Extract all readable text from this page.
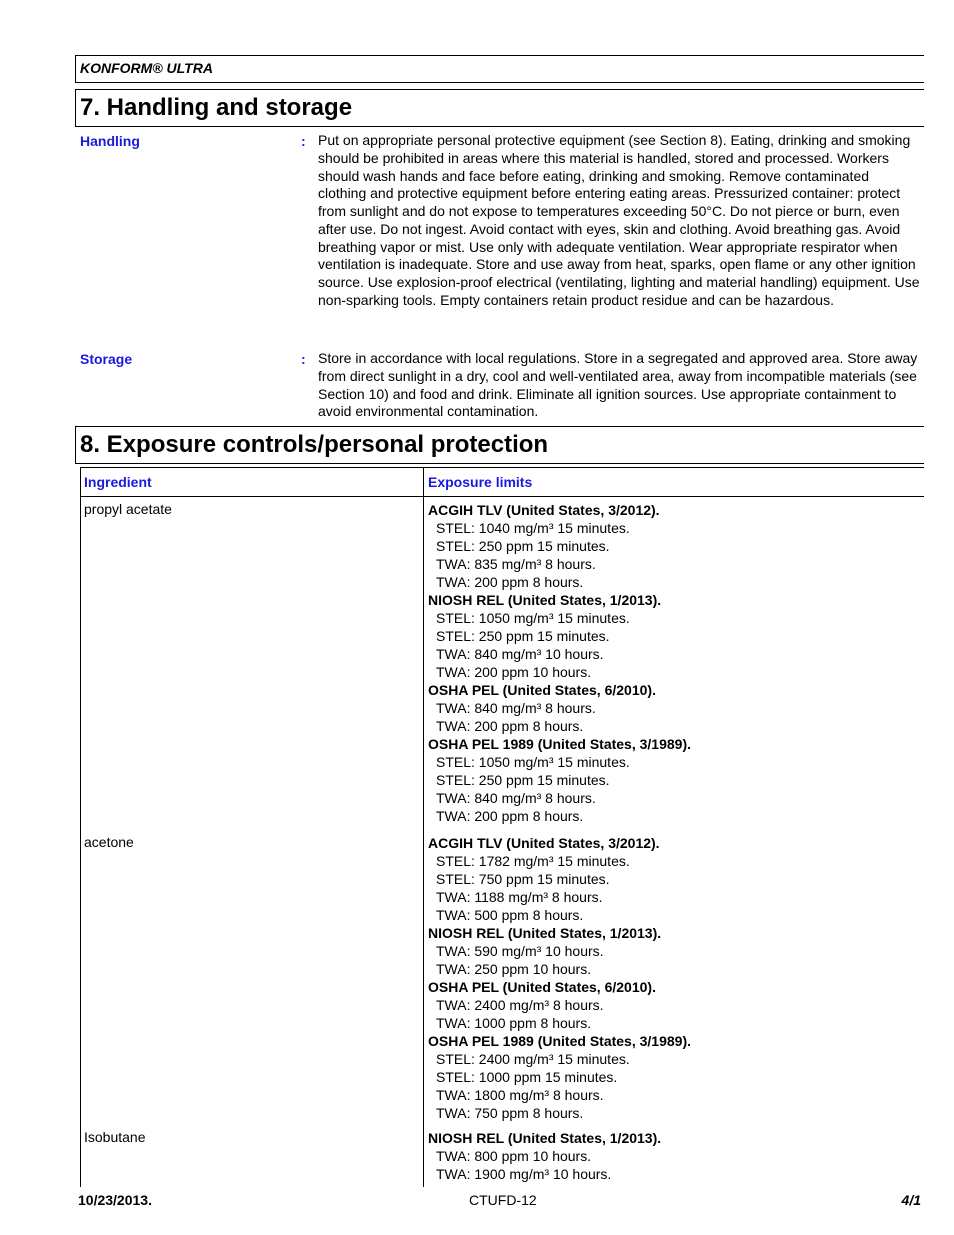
KONFORM® ULTRA
7. Handling and storage
Handling	: Put on appropriate personal protective equipment (see Section 8). Eating, drinking and smoking should be prohibited in areas where this material is handled, stored and processed. Workers should wash hands and face before eating, drinking and smoking. Remove contaminated clothing and protective equipment before entering eating areas. Pressurized container: protect from sunlight and do not expose to temperatures exceeding 50°C. Do not pierce or burn, even after use. Do not ingest. Avoid contact with eyes, skin and clothing. Avoid breathing gas. Avoid breathing vapor or mist. Use only with adequate ventilation. Wear appropriate respirator when ventilation is inadequate. Store and use away from heat, sparks, open flame or any other ignition source. Use explosion-proof electrical (ventilating, lighting and material handling) equipment. Use non-sparking tools. Empty containers retain product residue and can be hazardous.
Storage	: Store in accordance with local regulations. Store in a segregated and approved area. Store away from direct sunlight in a dry, cool and well-ventilated area, away from incompatible materials (see Section 10) and food and drink. Eliminate all ignition sources. Use appropriate containment to avoid environmental contamination.
8. Exposure controls/personal protection
Ingredient	Exposure limits
propyl acetate	ACGIH TLV (United States, 3/2012).
STEL: 1040 mg/m³ 15 minutes.
STEL: 250 ppm 15 minutes.
TWA: 835 mg/m³ 8 hours.
TWA: 200 ppm 8 hours.
NIOSH REL (United States, 1/2013).
STEL: 1050 mg/m³ 15 minutes.
STEL: 250 ppm 15 minutes.
TWA: 840 mg/m³ 10 hours.
TWA: 200 ppm 10 hours.
OSHA PEL (United States, 6/2010).
TWA: 840 mg/m³ 8 hours.
TWA: 200 ppm 8 hours.
OSHA PEL 1989 (United States, 3/1989).
STEL: 1050 mg/m³ 15 minutes.
STEL: 250 ppm 15 minutes.
TWA: 840 mg/m³ 8 hours.
TWA: 200 ppm 8 hours.
acetone	ACGIH TLV (United States, 3/2012).
STEL: 1782 mg/m³ 15 minutes.
STEL: 750 ppm 15 minutes.
TWA: 1188 mg/m³ 8 hours.
TWA: 500 ppm 8 hours.
NIOSH REL (United States, 1/2013).
TWA: 590 mg/m³ 10 hours.
TWA: 250 ppm 10 hours.
OSHA PEL (United States, 6/2010).
TWA: 2400 mg/m³ 8 hours.
TWA: 1000 ppm 8 hours.
OSHA PEL 1989 (United States, 3/1989).
STEL: 2400 mg/m³ 15 minutes.
STEL: 1000 ppm 15 minutes.
TWA: 1800 mg/m³ 8 hours.
TWA: 750 ppm 8 hours.
Isobutane	NIOSH REL (United States, 1/2013).
TWA: 800 ppm 10 hours.
TWA: 1900 mg/m³ 10 hours.
10/23/2013.	CTUFD-12	4/1
